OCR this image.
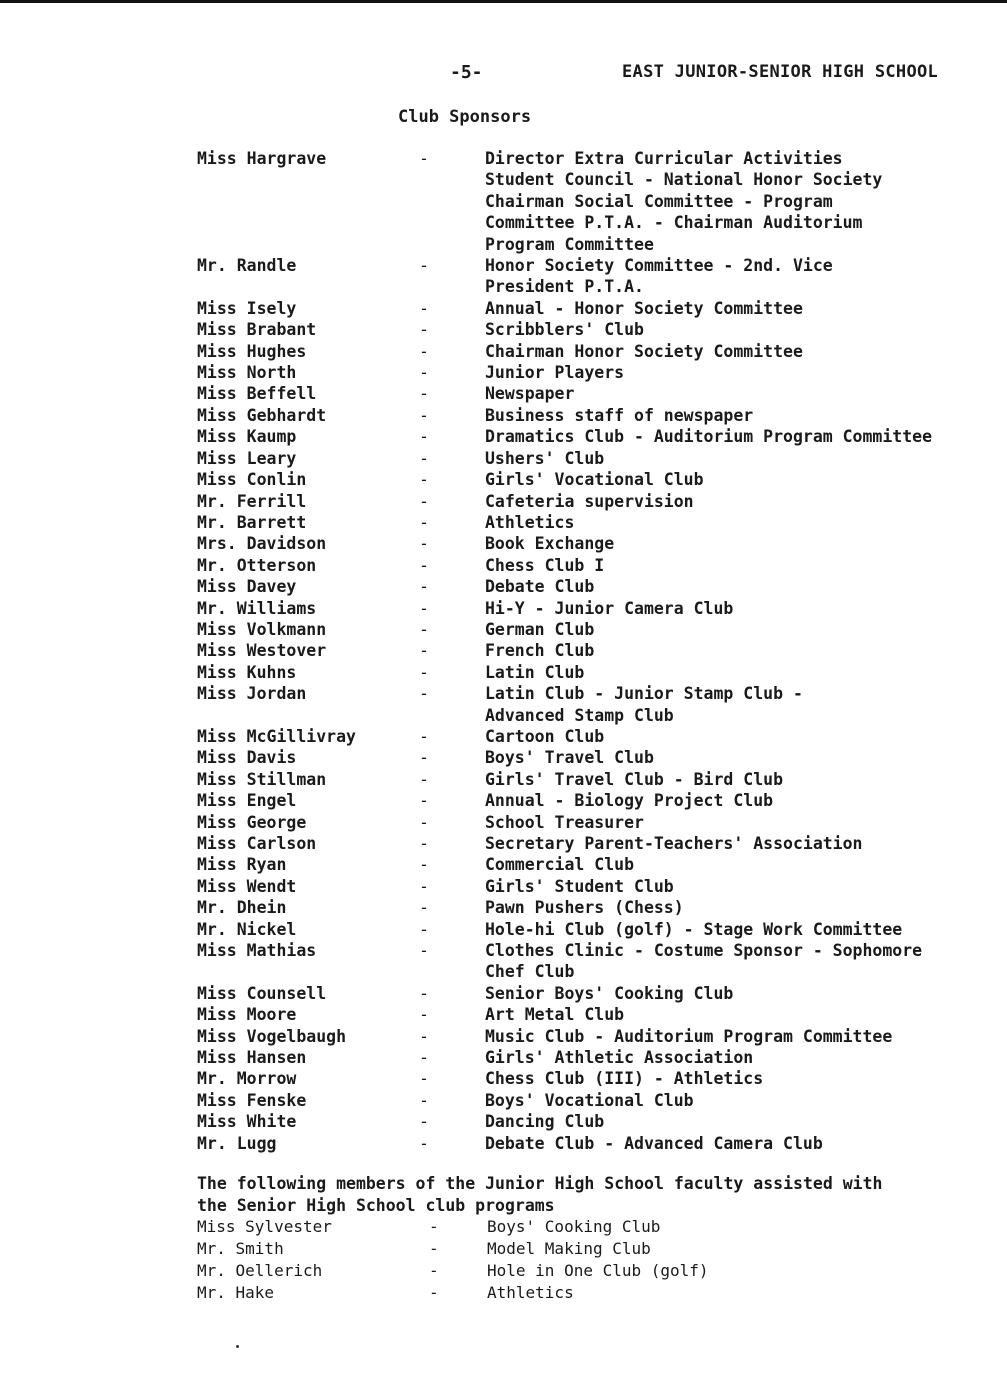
-5-	EAST JUNIOR-SENIOR HIGH SCHOOL
Club Sponsors
Miss Hargrave	-	Director Extra Curricular Activities
Student Council - National Honor Society
Chairman Social Committee - Program
Committee P.T.A. - Chairman Auditorium
Program Committee
Mr. Randle	-	Honor Society Committee - 2nd. Vice
President P.T.A.
Miss Isely	-	Annual - Honor Society Committee
Miss Brabant	-	Scribblers' Club
Miss Hughes	-	Chairman Honor Society Committee
Miss North	-	Junior Players
Miss Beffell	-	Newspaper
Miss Gebhardt	-	Business staff of newspaper
Miss Kaump	-	Dramatics Club - Auditorium Program Committee
Miss Leary	-	Ushers' Club
Miss Conlin	-	Girls' Vocational Club
Mr. Ferrill	-	Cafeteria supervision
Mr. Barrett	-	Athletics
Mrs. Davidson	-	Book Exchange
Mr. Otterson	-	Chess Club I
Miss Davey	-	Debate Club
Mr. Williams	-	Hi-Y - Junior Camera Club
Miss Volkmann	-	German Club
Miss Westover	-	French Club
Miss Kuhns	-	Latin Club
Miss Jordan	-	Latin Club - Junior Stamp Club -
Advanced Stamp Club
Miss McGillivray	-	Cartoon Club
Miss Davis	-	Boys' Travel Club
Miss Stillman	-	Girls' Travel Club - Bird Club
Miss Engel	-	Annual - Biology Project Club
Miss George	-	School Treasurer
Miss Carlson	-	Secretary Parent-Teachers' Association
Miss Ryan	-	Commercial Club
Miss Wendt	-	Girls' Student Club
Mr. Dhein	-	Pawn Pushers (Chess)
Mr. Nickel	-	Hole-hi Club (golf) - Stage Work Committee
Miss Mathias	-	Clothes Clinic - Costume Sponsor - Sophomore
Chef Club
Miss Counsell	-	Senior Boys' Cooking Club
Miss Moore	-	Art Metal Club
Miss Vogelbaugh	-	Music Club - Auditorium Program Committee
Miss Hansen	-	Girls' Athletic Association
Mr. Morrow	-	Chess Club (III) - Athletics
Miss Fenske	-	Boys' Vocational Club
Miss White	-	Dancing Club
Mr. Lugg	-	Debate Club - Advanced Camera Club
The following members of the Junior High School faculty assisted with
the Senior High School club programs
Miss Sylvester	-	Boys' Cooking Club
Mr. Smith	-	Model Making Club
Mr. Oellerich	-	Hole in One Club (golf)
Mr. Hake	-	Athletics
